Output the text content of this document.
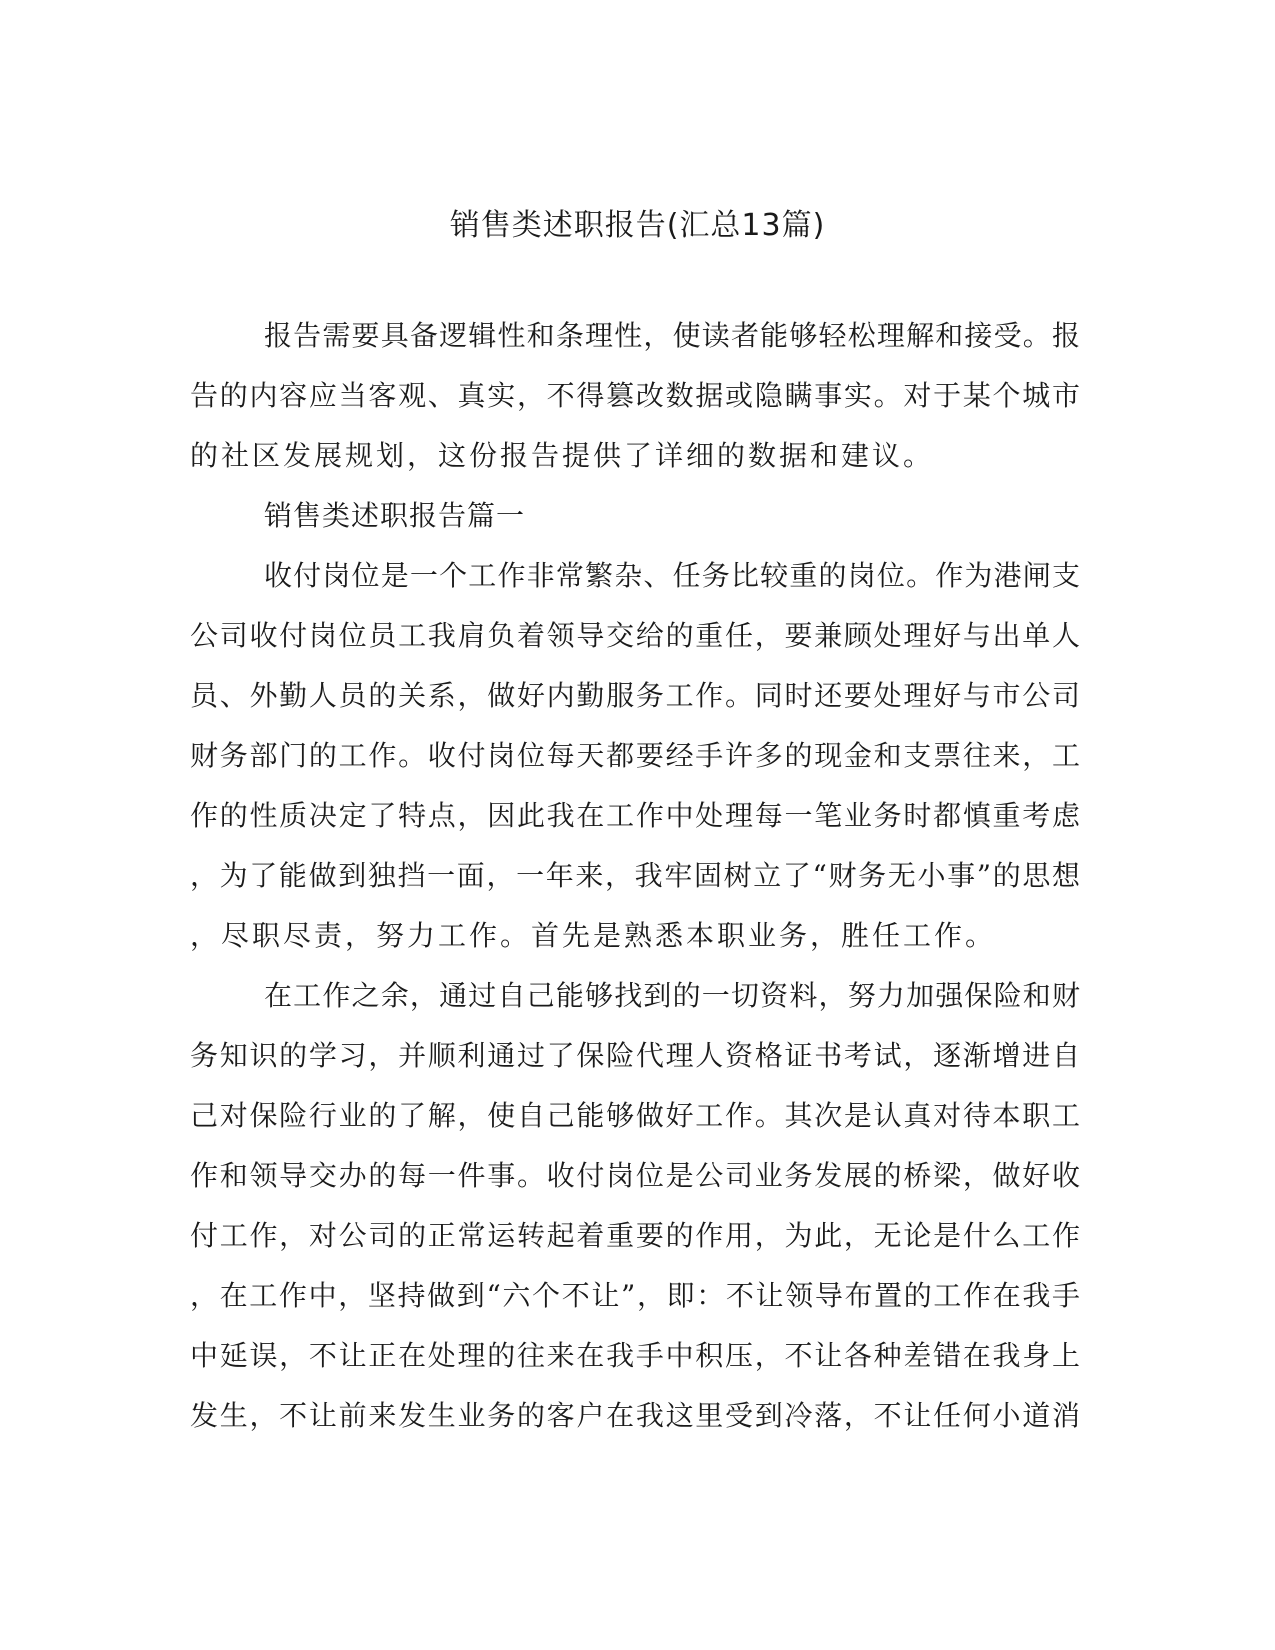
销售类述职报告(汇总13篇)
报告需要具备逻辑性和条理性，使读者能够轻松理解和接受。报
告的内容应当客观、真实，不得篡改数据或隐瞒事实。对于某个城市
的社区发展规划，这份报告提供了详细的数据和建议。
销售类述职报告篇一
收付岗位是一个工作非常繁杂、任务比较重的岗位。作为港闸支
公司收付岗位员工我肩负着领导交给的重任，要兼顾处理好与出单人
员、外勤人员的关系，做好内勤服务工作。同时还要处理好与市公司
财务部门的工作。收付岗位每天都要经手许多的现金和支票往来，工
作的性质决定了特点，因此我在工作中处理每一笔业务时都慎重考虑
，为了能做到独挡一面，一年来，我牢固树立了“财务无小事”的思想
，尽职尽责，努力工作。首先是熟悉本职业务，胜任工作。
在工作之余，通过自己能够找到的一切资料，努力加强保险和财
务知识的学习，并顺利通过了保险代理人资格证书考试，逐渐增进自
己对保险行业的了解，使自己能够做好工作。其次是认真对待本职工
作和领导交办的每一件事。收付岗位是公司业务发展的桥梁，做好收
付工作，对公司的正常运转起着重要的作用，为此，无论是什么工作
，在工作中，坚持做到“六个不让”，即：不让领导布置的工作在我手
中延误，不让正在处理的往来在我手中积压，不让各种差错在我身上
发生，不让前来发生业务的客户在我这里受到冷落，不让任何小道消
